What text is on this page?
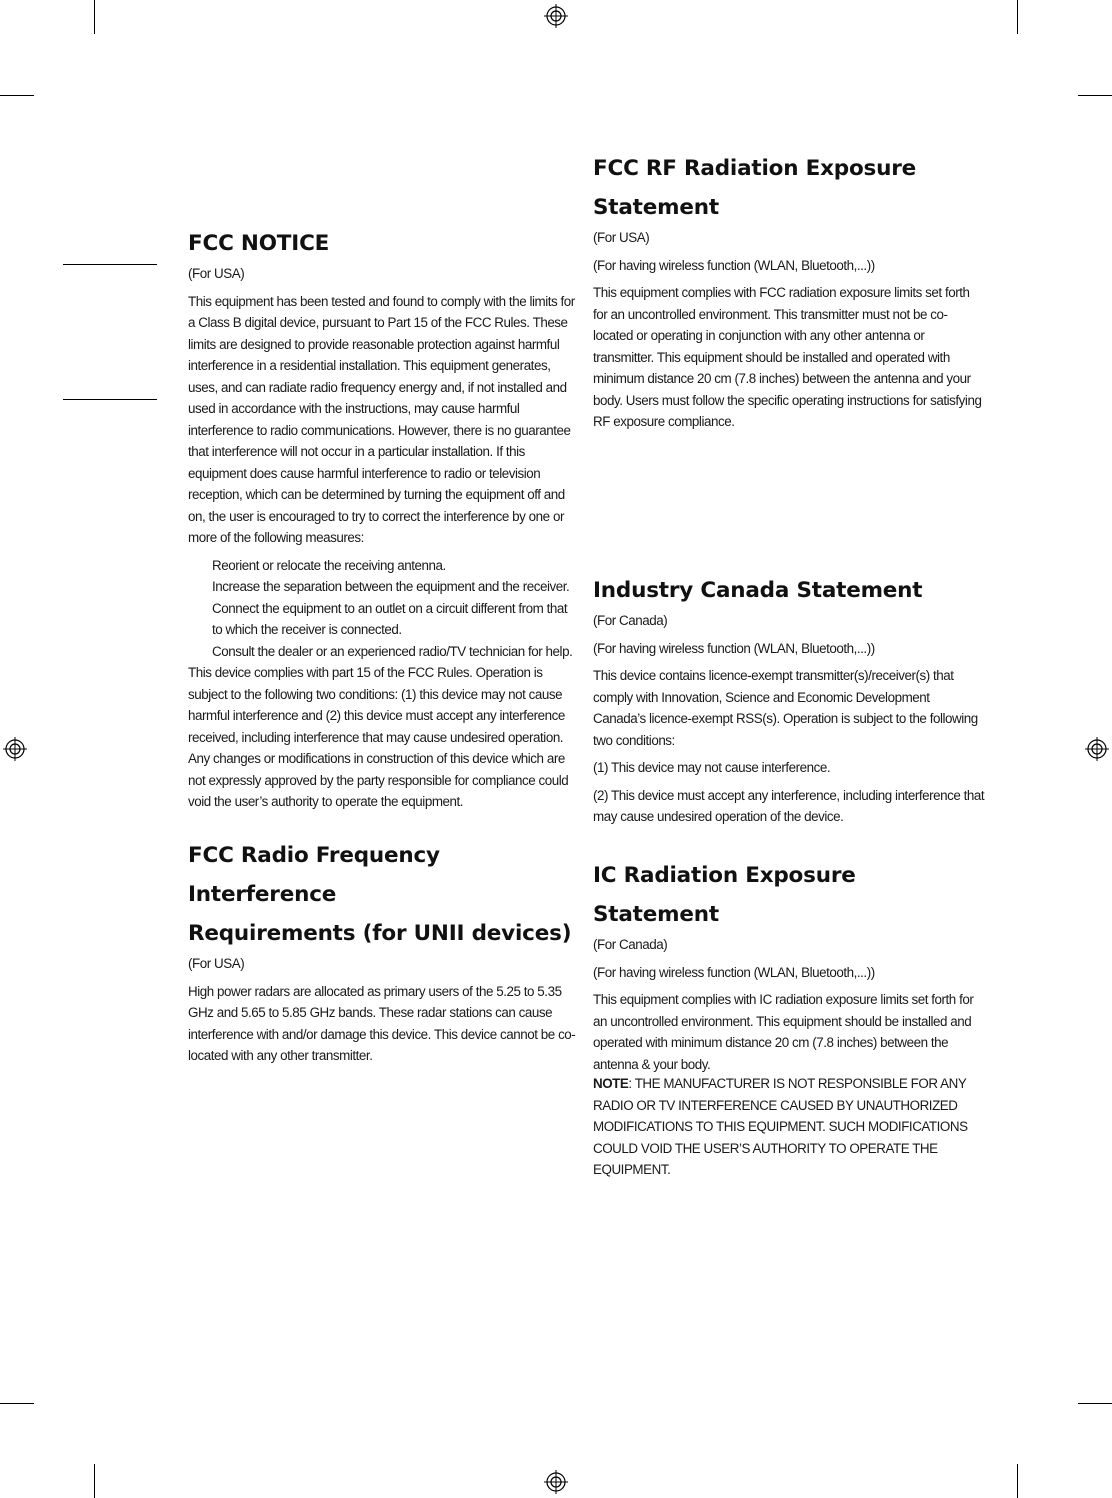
FCC NOTICE

(For USA)

This equipment has been tested and found to comply with the limits for a Class B digital device, pursuant to Part 15 of the FCC Rules. These limits are designed to provide reasonable protection against harmful interference in a residential installation. This equipment generates, uses, and can radiate radio frequency energy and, if not installed and used in accordance with the instructions, may cause harmful interference to radio communications. However, there is no guarantee that interference will not occur in a particular installation. If this equipment does cause harmful interference to radio or television reception, which can be determined by turning the equipment off and on, the user is encouraged to try to correct the interference by one or more of the following measures:

Reorient or relocate the receiving antenna.

Increase the separation between the equipment and the receiver.

Connect the equipment to an outlet on a circuit different from that to which the receiver is connected.

Consult the dealer or an experienced radio/TV technician for help.

This device complies with part 15 of the FCC Rules. Operation is subject to the following two conditions: (1) this device may not cause harmful interference and (2) this device must accept any interference received, including interference that may cause undesired operation. Any changes or modifications in construction of this device which are not expressly approved by the party responsible for compliance could void the user’s authority to operate the equipment.

FCC Radio Frequency Interference
Requirements (for UNII devices)

(For USA)

High power radars are allocated as primary users of the 5.25 to 5.35 GHz and 5.65 to 5.85 GHz bands. These radar stations can cause interference with and/or damage this device. This device cannot be co-located with any other transmitter.

FCC RF Radiation Exposure
Statement

(For USA)

(For having wireless function (WLAN, Bluetooth,...))

This equipment complies with FCC radiation exposure limits set forth for an uncontrolled environment. This transmitter must not be co-located or operating in conjunction with any other antenna or transmitter. This equipment should be installed and operated with minimum distance 20 cm (7.8 inches) between the antenna and your body. Users must follow the specific operating instructions for satisfying RF exposure compliance.

Industry Canada Statement

(For Canada)

(For having wireless function (WLAN, Bluetooth,...))

This device contains licence-exempt transmitter(s)/receiver(s) that comply with Innovation, Science and Economic Development Canada’s licence-exempt RSS(s). Operation is subject to the following two conditions:

(1) This device may not cause interference.

(2) This device must accept any interference, including interference that may cause undesired operation of the device.

IC Radiation Exposure Statement

(For Canada)

(For having wireless function (WLAN, Bluetooth,...))

This equipment complies with IC radiation exposure limits set forth for an uncontrolled environment. This equipment should be installed and operated with minimum distance 20 cm (7.8 inches) between the antenna & your body.

NOTE: THE MANUFACTURER IS NOT RESPONSIBLE FOR ANY RADIO OR TV INTERFERENCE CAUSED BY UNAUTHORIZED MODIFICATIONS TO THIS EQUIPMENT. SUCH MODIFICATIONS COULD VOID THE USER’S AUTHORITY TO OPERATE THE EQUIPMENT.
